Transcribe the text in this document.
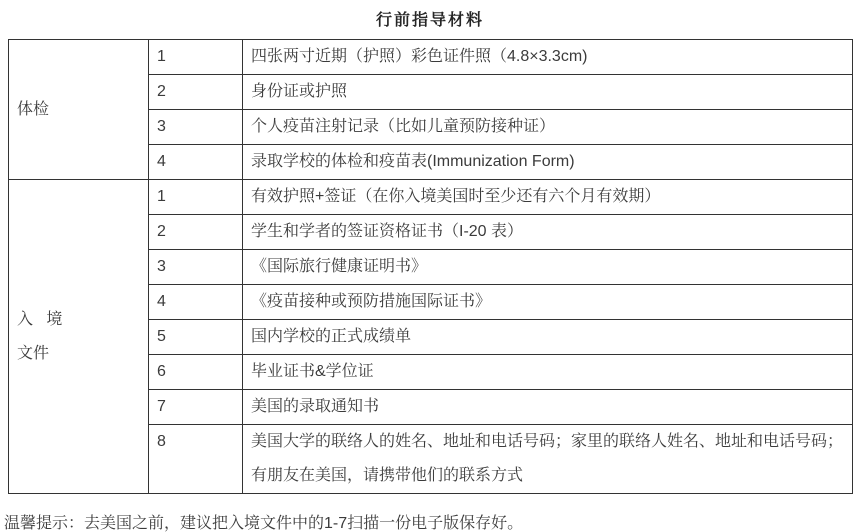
行前指导材料
体检	1	四张两寸近期（护照）彩色证件照（4.8×3.3cm)
	2	身份证或护照
	3	个人疫苗注射记录（比如儿童预防接种证）
	4	录取学校的体检和疫苗表(Immunization Form)

入   境
文件	1	有效护照+签证（在你入境美国时至少还有六个月有效期）
	2	学生和学者的签证资格证书（I-20 表）
	3	《国际旅行健康证明书》
	4	《疫苗接种或预防措施国际证书》
	5	国内学校的正式成绩单
	6	毕业证书&学位证
	7	美国的录取通知书
	8	美国大学的联络人的姓名、地址和电话号码；家里的联络人姓名、地址和电话号码；有朋友在美国，请携带他们的联系方式
温馨提示：去美国之前，建议把入境文件中的1-7扫描一份电子版保存好。
